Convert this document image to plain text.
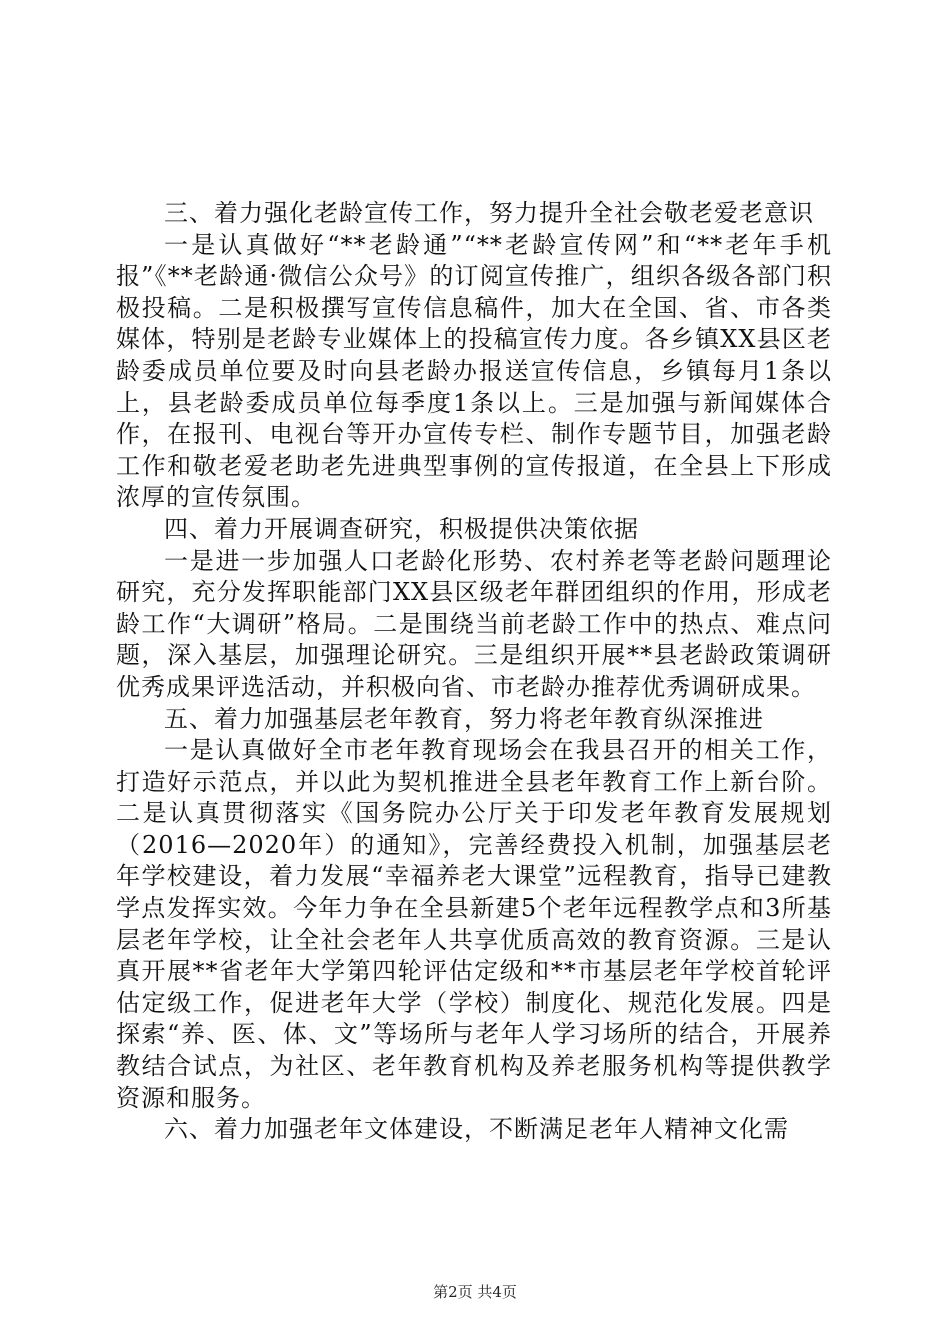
三、着力强化老龄宣传工作，努力提升全社会敬老爱老意识

一是认真做好“**老龄通”“**老龄宣传网”和“**老年手机报”《**老龄通·微信公众号》的订阅宣传推广，组织各级各部门积极投稿。二是积极撰写宣传信息稿件，加大在全国、省、市各类媒体，特别是老龄专业媒体上的投稿宣传力度。各乡镇XX县区老龄委成员单位要及时向县老龄办报送宣传信息，乡镇每月1条以上，县老龄委成员单位每季度1条以上。三是加强与新闻媒体合作，在报刊、电视台等开办宣传专栏、制作专题节目，加强老龄工作和敬老爱老助老先进典型事例的宣传报道，在全县上下形成浓厚的宣传氛围。

四、着力开展调查研究，积极提供决策依据

一是进一步加强人口老龄化形势、农村养老等老龄问题理论研究，充分发挥职能部门XX县区级老年群团组织的作用，形成老龄工作“大调研”格局。二是围绕当前老龄工作中的热点、难点问题，深入基层，加强理论研究。三是组织开展**县老龄政策调研优秀成果评选活动，并积极向省、市老龄办推荐优秀调研成果。

五、着力加强基层老年教育，努力将老年教育纵深推进

一是认真做好全市老年教育现场会在我县召开的相关工作，打造好示范点，并以此为契机推进全县老年教育工作上新台阶。二是认真贯彻落实《国务院办公厅关于印发老年教育发展规划（2016—2020年）的通知》，完善经费投入机制，加强基层老年学校建设，着力发展“幸福养老大课堂”远程教育，指导已建教学点发挥实效。今年力争在全县新建5个老年远程教学点和3所基层老年学校，让全社会老年人共享优质高效的教育资源。三是认真开展**省老年大学第四轮评估定级和**市基层老年学校首轮评估定级工作，促进老年大学（学校）制度化、规范化发展。四是探索“养、医、体、文”等场所与老年人学习场所的结合，开展养教结合试点，为社区、老年教育机构及养老服务机构等提供教学资源和服务。

六、着力加强老年文体建设，不断满足老年人精神文化需

第2页 共4页
